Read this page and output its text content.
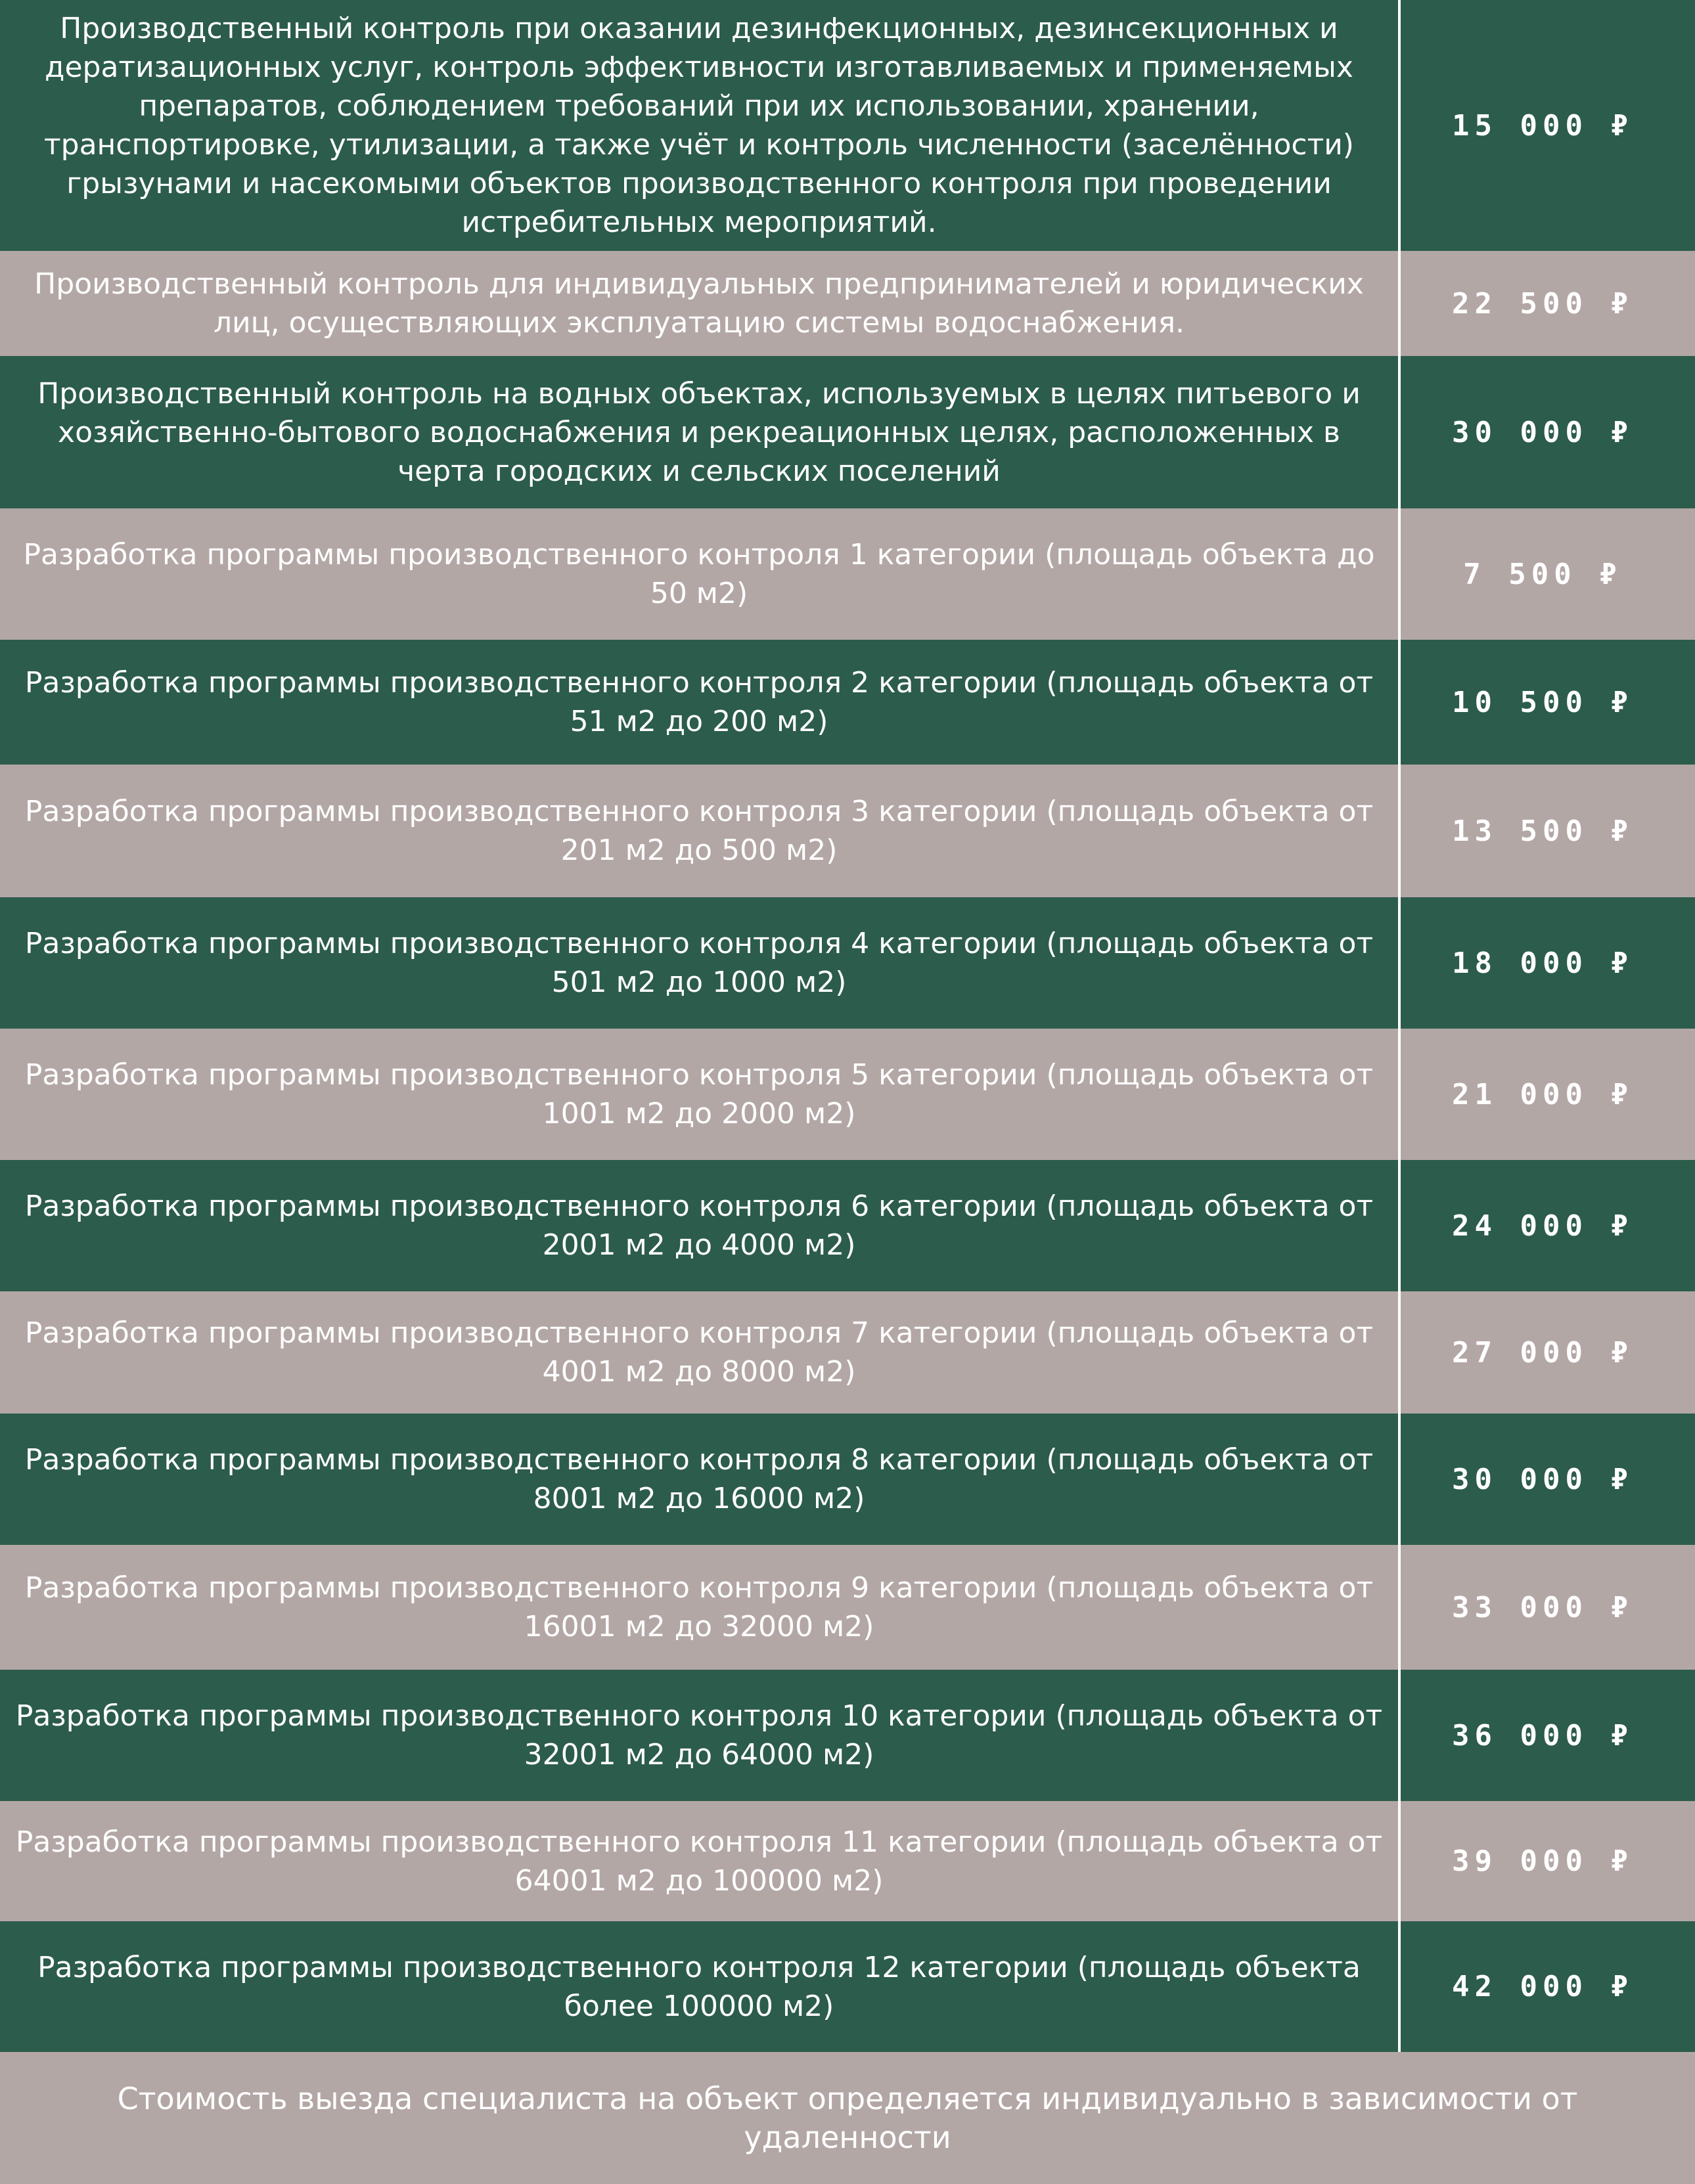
Производственный контроль при оказании дезинфекционных, дезинсекционных и дератизационных услуг, контроль эффективности изготавливаемых и применяемых препаратов, соблюдением требований при их использовании, хранении, транспортировке, утилизации, а также учёт и контроль численности (заселённости) грызунами и насекомыми объектов производственного контроля при проведении истребительных мероприятий.
15 000 ₽
Производственный контроль для индивидуальных предпринимателей и юридических лиц, осуществляющих эксплуатацию системы водоснабжения.
22 500 ₽
Производственный контроль на водных объектах, используемых в целях питьевого и хозяйственно-бытового водоснабжения и рекреационных целях, расположенных в черта городских и сельских поселений
30 000 ₽
Разработка программы производственного контроля 1 категории (площадь объекта до 50 м2)
7 500 ₽
Разработка программы производственного контроля 2 категории (площадь объекта от 51 м2 до 200 м2)
10 500 ₽
Разработка программы производственного контроля 3 категории (площадь объекта от 201 м2 до 500 м2)
13 500 ₽
Разработка программы производственного контроля 4 категории (площадь объекта от 501 м2 до 1000 м2)
18 000 ₽
Разработка программы производственного контроля 5 категории (площадь объекта от 1001 м2 до 2000 м2)
21 000 ₽
Разработка программы производственного контроля 6 категории (площадь объекта от 2001 м2 до 4000 м2)
24 000 ₽
Разработка программы производственного контроля 7 категории (площадь объекта от 4001 м2 до 8000 м2)
27 000 ₽
Разработка программы производственного контроля 8 категории (площадь объекта от 8001 м2 до 16000 м2)
30 000 ₽
Разработка программы производственного контроля 9 категории (площадь объекта от 16001 м2 до 32000 м2)
33 000 ₽
Разработка программы производственного контроля 10 категории (площадь объекта от 32001 м2 до 64000 м2)
36 000 ₽
Разработка программы производственного контроля 11 категории (площадь объекта от 64001 м2 до 100000 м2)
39 000 ₽
Разработка программы производственного контроля 12 категории (площадь объекта более 100000 м2)
42 000 ₽
Стоимость выезда специалиста на объект определяется индивидуально в зависимости от удаленности
